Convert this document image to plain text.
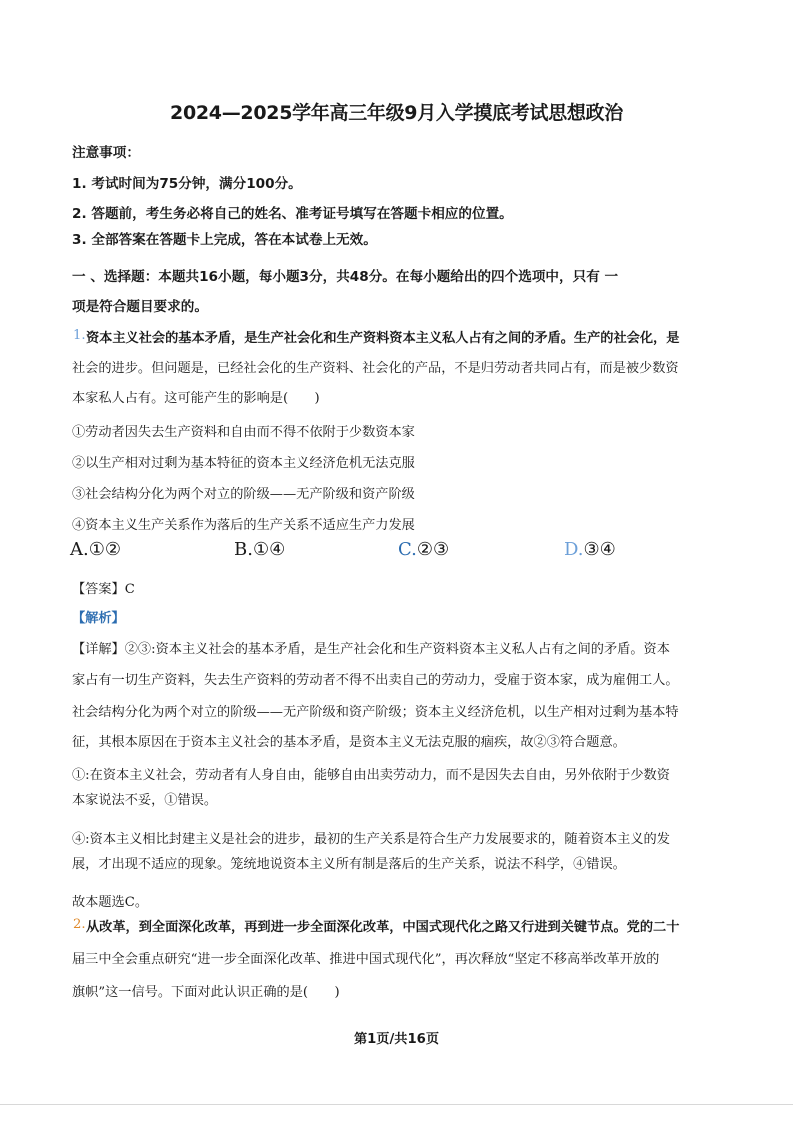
2024—2025学年高三年级9月入学摸底考试思想政治
注意事项：
1. 考试时间为75分钟，满分100分。
2. 答题前，考生务必将自己的姓名、准考证号填写在答题卡相应的位置。
3. 全部答案在答题卡上完成，答在本试卷上无效。
一 、选择题：本题共16小题，每小题3分，共48分。在每小题给出的四个选项中，只有 一
项是符合题目要求的。
1. 资本主义社会的基本矛盾，是生产社会化和生产资料资本主义私人占有之间的矛盾。生产的社会化，是
社会的进步。但问题是，已经社会化的生产资料、社会化的产品，不是归劳动者共同占有，而是被少数资
本家私人占有。这可能产生的影响是(　　)
①劳动者因失去生产资料和自由而不得不依附于少数资本家
②以生产相对过剩为基本特征的资本主义经济危机无法克服
③社会结构分化为两个对立的阶级——无产阶级和资产阶级
④资本主义生产关系作为落后的生产关系不适应生产力发展
A.①②	B.①④	C.②③	D.③④
【答案】C
【解析】
【详解】②③:资本主义社会的基本矛盾，是生产社会化和生产资料资本主义私人占有之间的矛盾。资本
家占有一切生产资料，失去生产资料的劳动者不得不出卖自己的劳动力，受雇于资本家，成为雇佣工人。
社会结构分化为两个对立的阶级——无产阶级和资产阶级；资本主义经济危机，以生产相对过剩为基本特
征，其根本原因在于资本主义社会的基本矛盾，是资本主义无法克服的痼疾，故②③符合题意。
①:在资本主义社会，劳动者有人身自由，能够自由出卖劳动力，而不是因失去自由，另外依附于少数资
本家说法不妥，①错误。
④:资本主义相比封建主义是社会的进步，最初的生产关系是符合生产力发展要求的，随着资本主义的发
展，才出现不适应的现象。笼统地说资本主义所有制是落后的生产关系，说法不科学，④错误。
故本题选C。
2. 从改革，到全面深化改革，再到进一步全面深化改革，中国式现代化之路又行进到关键节点。党的二十
届三中全会重点研究“进一步全面深化改革、推进中国式现代化”，再次释放“坚定不移高举改革开放的
旗帜”这一信号。下面对此认识正确的是(　　)
第1页/共16页
